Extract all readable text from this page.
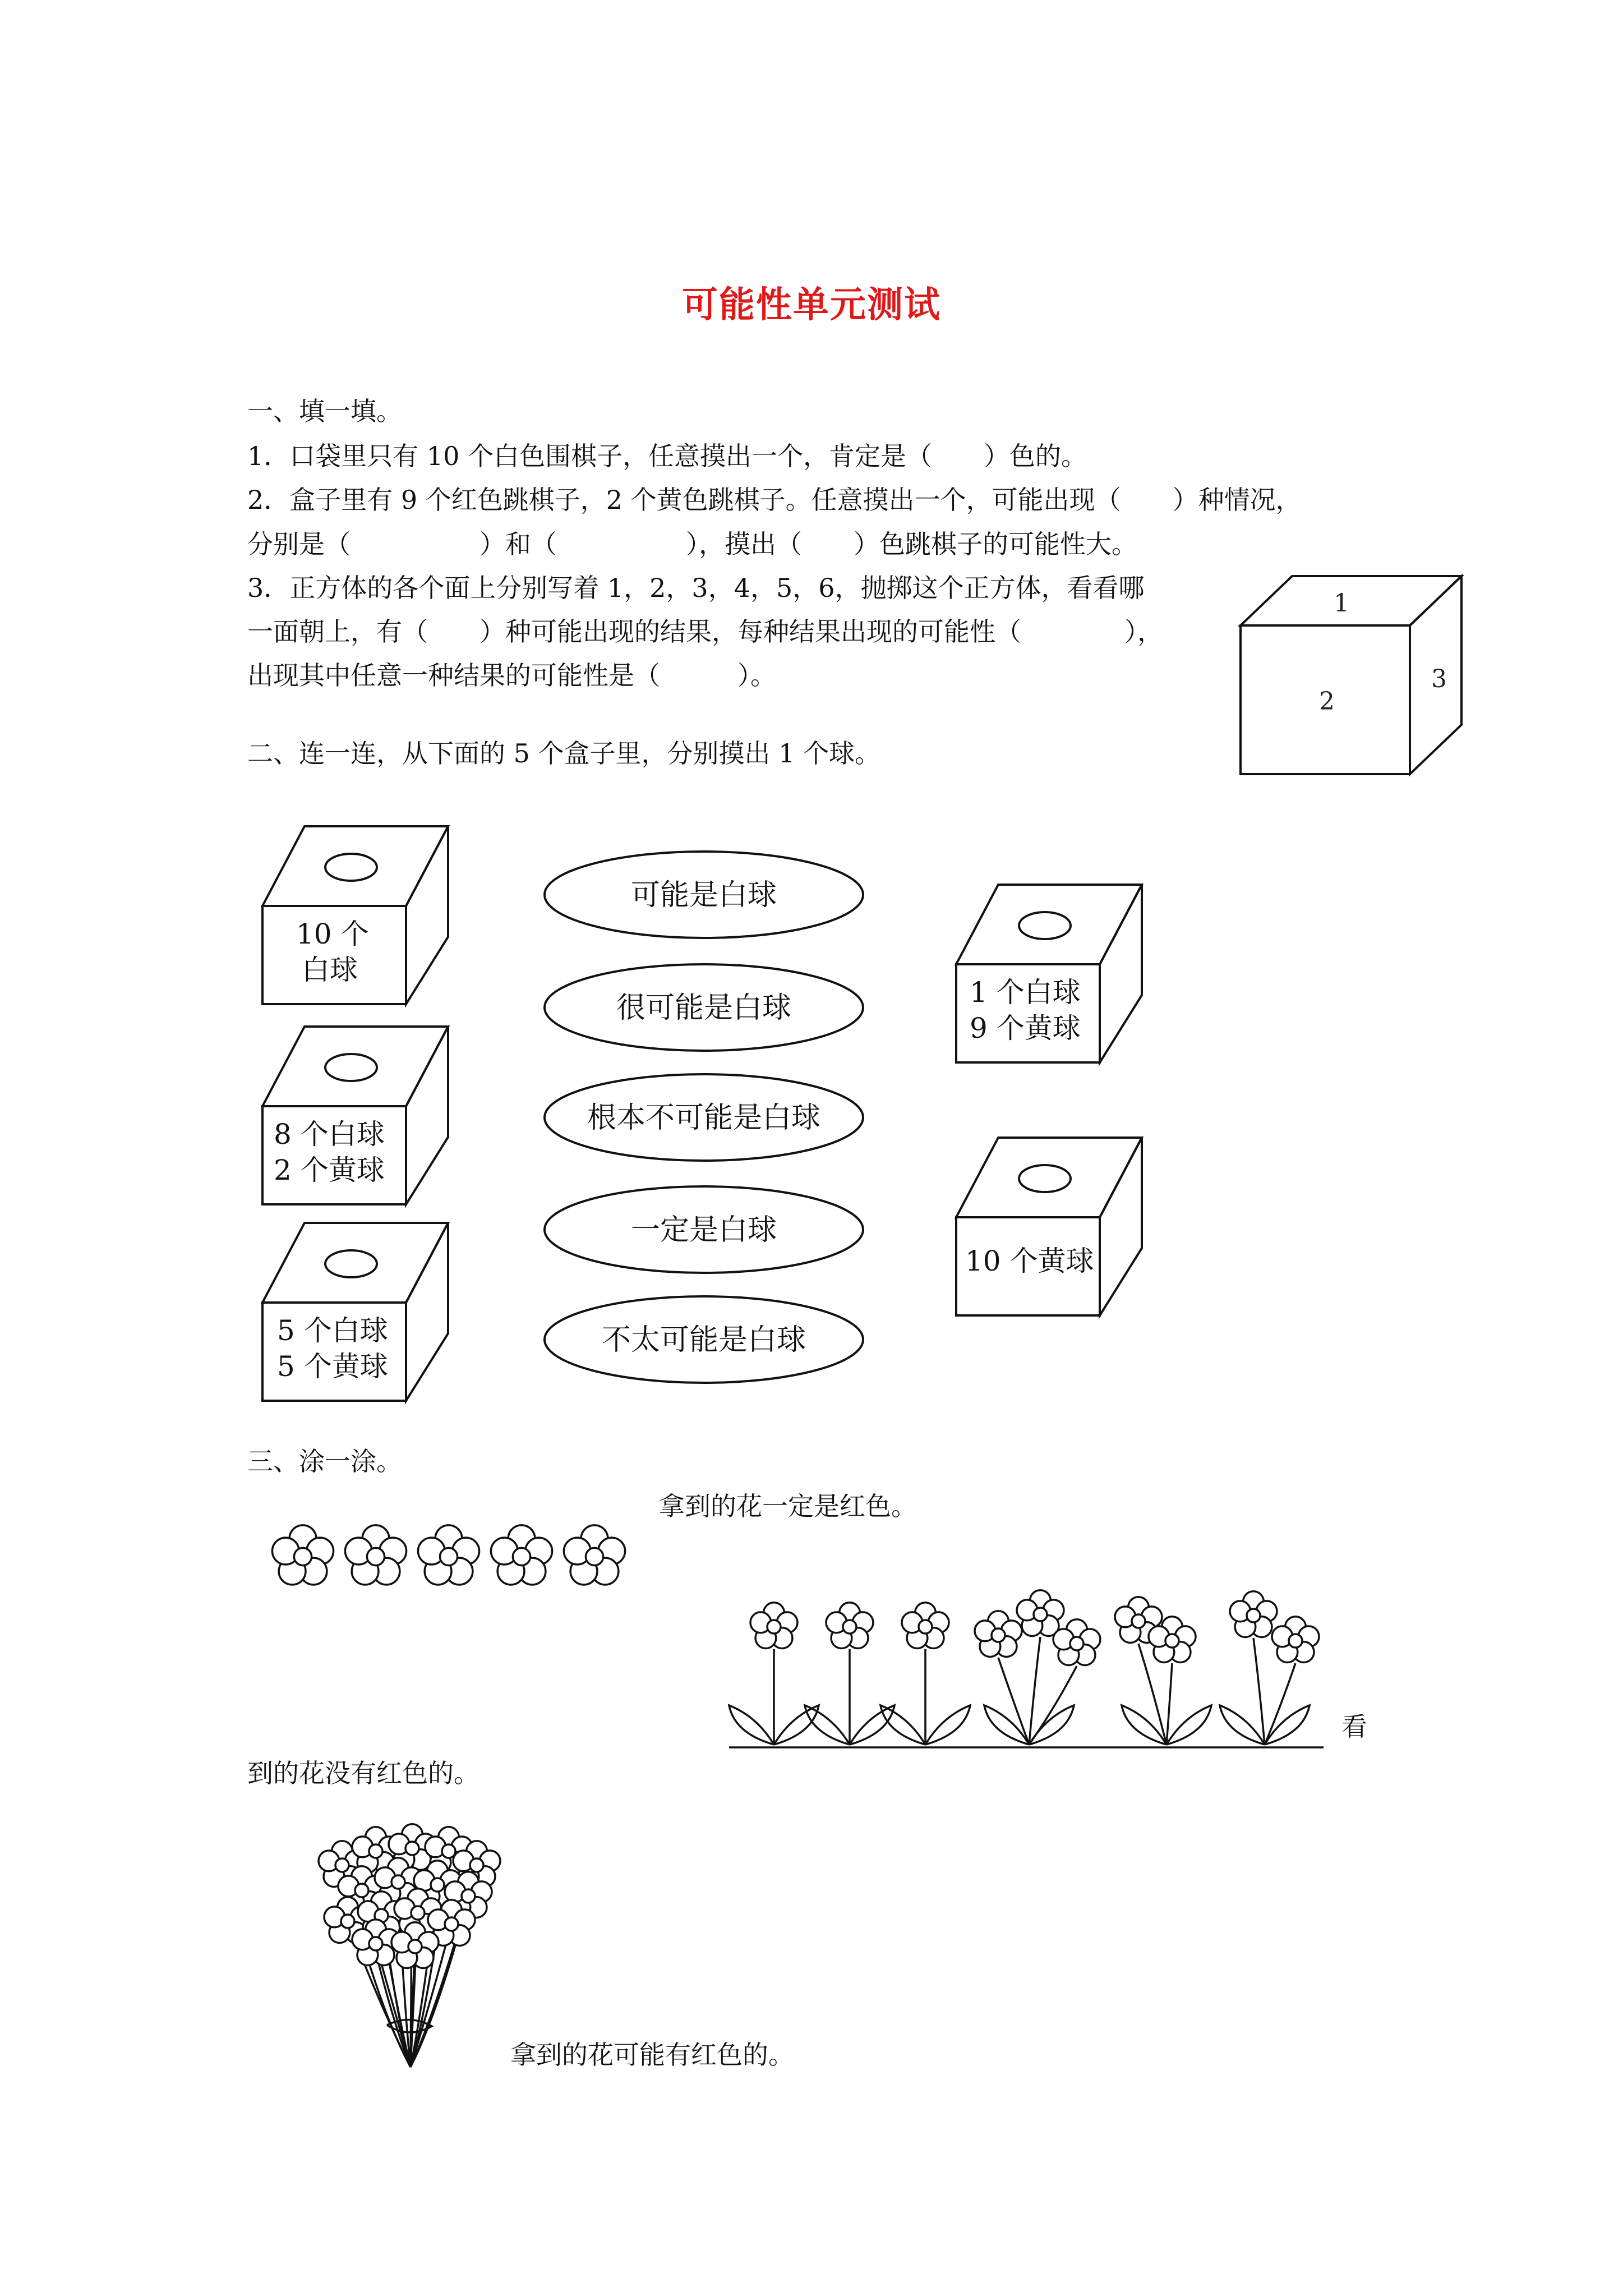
可能性单元测试
一、填一填。
1．口袋里只有 10 个白色围棋子，任意摸出一个，肯定是（　　）色的。
2．盒子里有 9 个红色跳棋子，2 个黄色跳棋子。任意摸出一个，可能出现（　　）种情况，
分别是（　　　　　）和（　　　　　），摸出（　　）色跳棋子的可能性大。
3．正方体的各个面上分别写着 1，2，3，4，5，6，抛掷这个正方体，看看哪
一面朝上，有（　　）种可能出现的结果，每种结果出现的可能性（　　　　），
出现其中任意一种结果的可能性是（　　　）。
1
2
3
二、连一连，从下面的 5 个盒子里，分别摸出 1 个球。
10 个
白球
8 个白球
2 个黄球
5 个白球
5 个黄球
可能是白球
很可能是白球
根本不可能是白球
一定是白球
不太可能是白球
1 个白球
9 个黄球
10 个黄球
三、涂一涂。
拿到的花一定是红色。
看
到的花没有红色的。
拿到的花可能有红色的。
